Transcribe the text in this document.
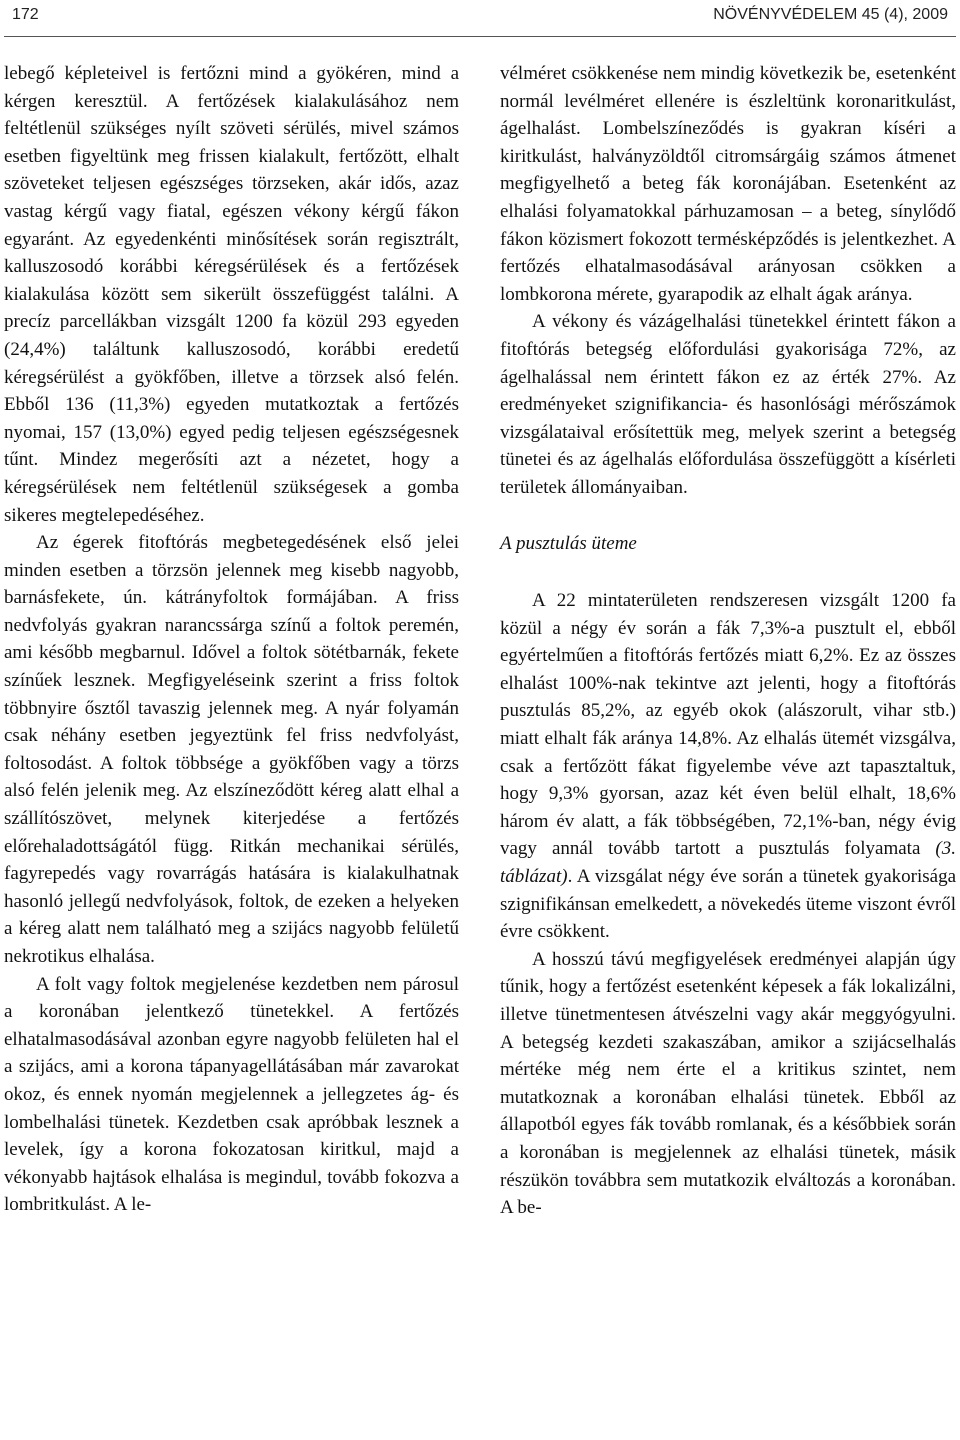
172	NÖVÉNYVÉDELEM 45 (4), 2009

lebegő képleteivel is fertőzni mind a gyökéren, mind a kérgen keresztül. A fertőzések kialakulásához nem feltétlenül szükséges nyílt szöveti sérülés, mivel számos esetben figyeltünk meg frissen kialakult, fertőzött, elhalt szöveteket teljesen egészséges törzseken, akár idős, azaz vastag kérgű vagy fiatal, egészen vékony kérgű fákon egyaránt. Az egyedenkénti minősítések során regisztrált, kalluszosodó korábbi kéregsérülések és a fertőzések kialakulása között sem sikerült összefüggést találni. A precíz parcellákban vizsgált 1200 fa közül 293 egyeden (24,4%) találtunk kalluszosodó, korábbi eredetű kéregsérülést a gyökfőben, illetve a törzsek alsó felén. Ebből 136 (11,3%) egyeden mutatkoztak a fertőzés nyomai, 157 (13,0%) egyed pedig teljesen egészségesnek tűnt. Mindez megerősíti azt a nézetet, hogy a kéregsérülések nem feltétlenül szükségesek a gomba sikeres megtelepedéséhez.

Az égerek fitoftórás megbetegedésének első jelei minden esetben a törzsön jelennek meg kisebb nagyobb, barnásfekete, ún. kátrányfoltok formájában. A friss nedvfolyás gyakran narancssárga színű a foltok peremén, ami később megbarnul. Idővel a foltok sötétbarnák, fekete színűek lesznek. Megfigyeléseink szerint a friss foltok többnyire ősztől tavaszig jelennek meg. A nyár folyamán csak néhány esetben jegyeztünk fel friss nedvfolyást, foltosodást. A foltok többsége a gyökfőben vagy a törzs alsó felén jelenik meg. Az elszíneződött kéreg alatt elhal a szállítószövet, melynek kiterjedése a fertőzés előrehaladottságától függ. Ritkán mechanikai sérülés, fagyrepedés vagy rovarrágás hatására is kialakulhatnak hasonló jellegű nedvfolyások, foltok, de ezeken a helyeken a kéreg alatt nem található meg a szijács nagyobb felületű nekrotikus elhalása.

A folt vagy foltok megjelenése kezdetben nem párosul a koronában jelentkező tünetekkel. A fertőzés elhatalmasodásával azonban egyre nagyobb felületen hal el a szijács, ami a korona tápanyagellátásában már zavarokat okoz, és ennek nyomán megjelennek a jellegzetes ág- és lombelhalási tünetek. Kezdetben csak apróbbak lesznek a levelek, így a korona fokozatosan kiritkul, majd a vékonyabb hajtások elhalása is megindul, tovább fokozva a lombritkulást. A le-

vélméret csökkenése nem mindig következik be, esetenként normál levélméret ellenére is észleltünk koronaritkulást, ágelhalást. Lombelszíneződés is gyakran kíséri a kiritkulást, halványzöldtől citromsárgáig számos átmenet megfigyelhető a beteg fák koronájában. Esetenként az elhalási folyamatokkal párhuzamosan – a beteg, sínylődő fákon közismert fokozott termésképződés is jelentkezhet. A fertőzés elhatalmasodásával arányosan csökken a lombkorona mérete, gyarapodik az elhalt ágak aránya.

A vékony és vázágelhalási tünetekkel érintett fákon a fitoftórás betegség előfordulási gyakorisága 72%, az ágelhalással nem érintett fákon ez az érték 27%. Az eredményeket szignifikancia- és hasonlósági mérőszámok vizsgálataival erősítettük meg, melyek szerint a betegség tünetei és az ágelhalás előfordulása összefüggött a kísérleti területek állományaiban.

A pusztulás üteme

A 22 mintaterületen rendszeresen vizsgált 1200 fa közül a négy év során a fák 7,3%-a pusztult el, ebből egyértelműen a fitoftórás fertőzés miatt 6,2%. Ez az összes elhalást 100%-nak tekintve azt jelenti, hogy a fitoftórás pusztulás 85,2%, az egyéb okok (alászorult, vihar stb.) miatt elhalt fák aránya 14,8%. Az elhalás ütemét vizsgálva, csak a fertőzött fákat figyelembe véve azt tapasztaltuk, hogy 9,3% gyorsan, azaz két éven belül elhalt, 18,6% három év alatt, a fák többségében, 72,1%-ban, négy évig vagy annál tovább tartott a pusztulás folyamata (3. táblázat). A vizsgálat négy éve során a tünetek gyakorisága szignifikánsan emelkedett, a növekedés üteme viszont évről évre csökkent.

A hosszú távú megfigyelések eredményei alapján úgy tűnik, hogy a fertőzést esetenként képesek a fák lokalizálni, illetve tünetmentesen átvészelni vagy akár meggyógyulni. A betegség kezdeti szakaszában, amikor a szijácselhalás mértéke még nem érte el a kritikus szintet, nem mutatkoznak a koronában elhalási tünetek. Ebből az állapotból egyes fák tovább romlanak, és a későbbiek során a koronában is megjelennek az elhalási tünetek, másik részükön továbbra sem mutatkozik elváltozás a koronában. A be-
